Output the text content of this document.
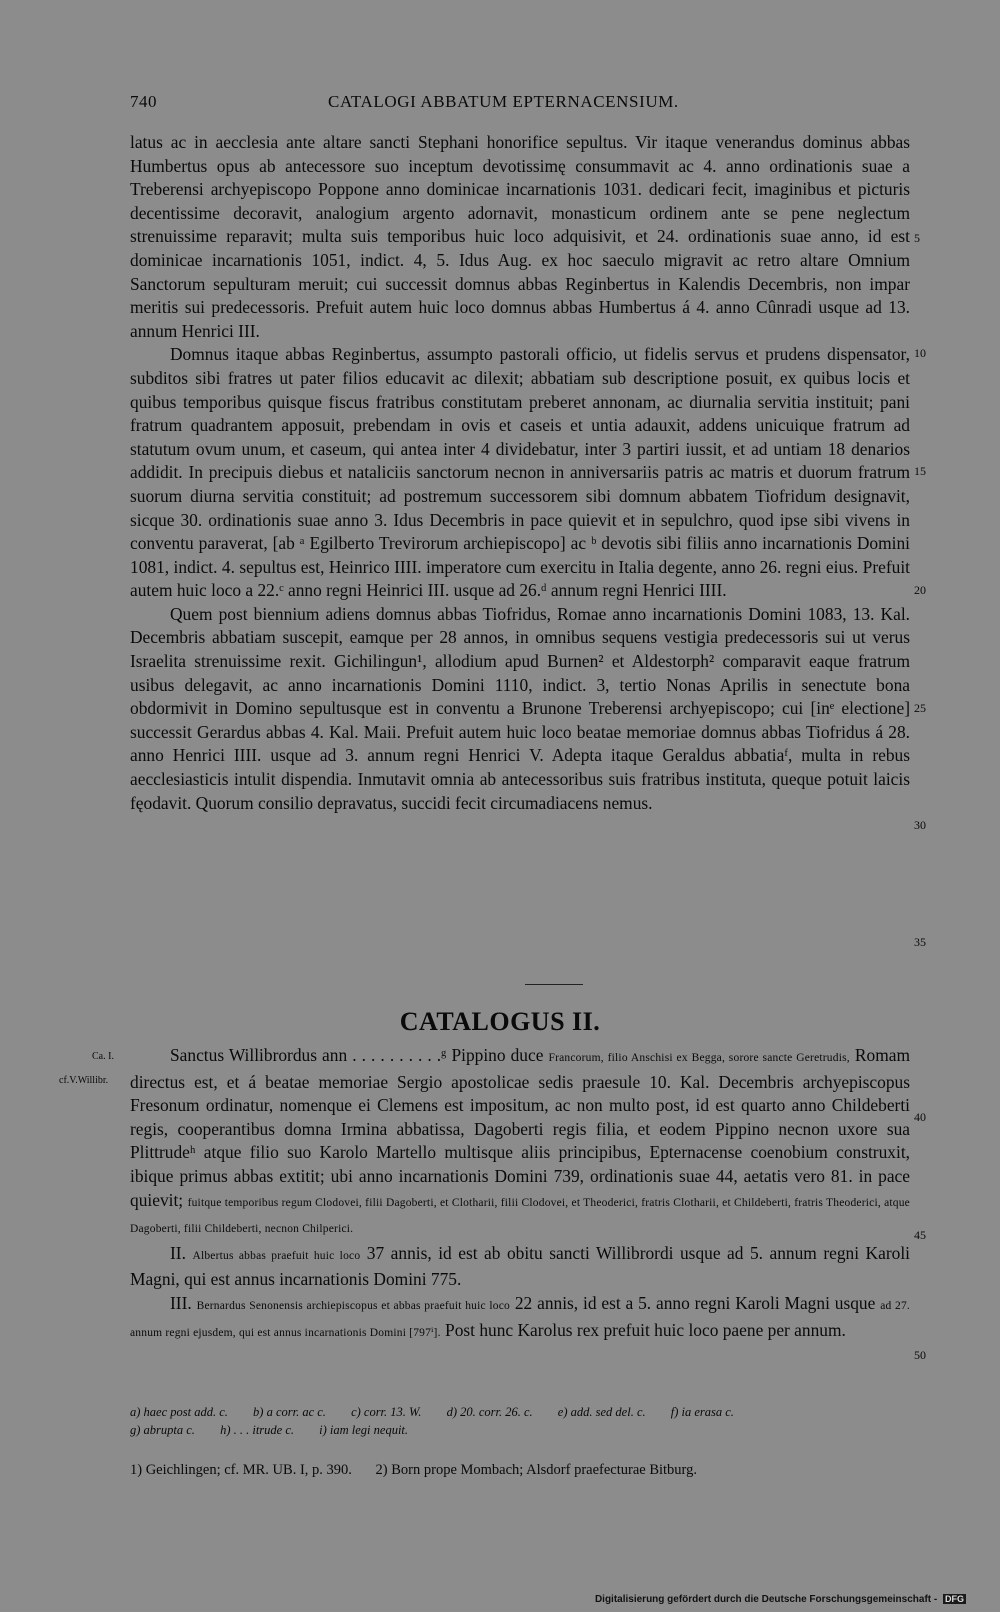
740	CATALOGI ABBATUM EPTERNACENSIUM.

latus ac in aecclesia ante altare sancti Stephani honorifice sepultus. Vir itaque venerandus dominus abbas Humbertus opus ab antecessore suo inceptum devotissimę consummavit ac 4. anno ordinationis suae a Treberensi archyepiscopo Poppone anno dominicae incarnationis 1031. dedicari fecit, imaginibus et picturis decentissime decoravit, analogium argento adornavit, monasticum ordinem ante se pene neglectum strenuissime reparavit; multa suis temporibus huic loco adquisivit, et 24. ordinationis suae anno, id est dominicae incarnationis 1051, indict. 4, 5. Idus Aug. ex hoc saeculo migravit ac retro altare Omnium Sanctorum sepulturam meruit; cui successit domnus abbas Reginbertus in Kalendis Decembris, non impar meritis sui predecessoris. Prefuit autem huic loco domnus abbas Humbertus á 4. anno Cûnradi usque ad 13. annum Henrici III.

Domnus itaque abbas Reginbertus, assumpto pastorali officio, ut fidelis servus et prudens dispensator, subditos sibi fratres ut pater filios educavit ac dilexit; abbatiam sub descriptione posuit, ex quibus locis et quibus temporibus quisque fiscus fratribus constitutam preberet annonam, ac diurnalia servitia instituit; pani fratrum quadrantem apposuit, prebendam in ovis et caseis et untia adauxit, addens unicuique fratrum ad statutum ovum unum, et caseum, qui antea inter 4 dividebatur, inter 3 partiri iussit, et ad untiam 18 denarios addidit. In precipuis diebus et nataliciis sanctorum necnon in anniversariis patris ac matris et duorum fratrum suorum diurna servitia constituit; ad postremum successorem sibi domnum abbatem Tiofridum designavit, sicque 30. ordinationis suae anno 3. Idus Decembris in pace quievit et in sepulchro, quod ipse sibi vivens in conventu paraverat, [ab ᵃ Egilberto Trevirorum archiepiscopo] ac ᵇ devotis sibi filiis anno incarnationis Domini 1081, indict. 4. sepultus est, Heinrico IIII. imperatore cum exercitu in Italia degente, anno 26. regni eius. Prefuit autem huic loco a 22.ᶜ anno regni Heinrici III. usque ad 26.ᵈ annum regni Henrici IIII.

Quem post biennium adiens domnus abbas Tiofridus, Romae anno incarnationis Domini 1083, 13. Kal. Decembris abbatiam suscepit, eamque per 28 annos, in omnibus sequens vestigia predecessoris sui ut verus Israelita strenuissime rexit. Gichilingun¹, allodium apud Burnen² et Aldestorph² comparavit eaque fratrum usibus delegavit, ac anno incarnationis Domini 1110, indict. 3, tertio Nonas Aprilis in senectute bona obdormivit in Domino sepultusque est in conventu a Brunone Treberensi archyepiscopo; cui [inᵉ electione] successit Gerardus abbas 4. Kal. Maii. Prefuit autem huic loco beatae memoriae domnus abbas Tiofridus á 28. anno Henrici IIII. usque ad 3. annum regni Henrici V. Adepta itaque Geraldus abbatiaᶠ, multa in rebus aecclesiasticis intulit dispendia. Inmutavit omnia ab antecessoribus suis fratribus instituta, queque potuit laicis fęodavit. Quorum consilio depravatus, succidi fecit circumadiacens nemus.

5
10
15
20
25
30
35
40
45
50
CATALOGUS II.
Ca. I.
cf.V.Willibr.

Sanctus Willibrordus ann . . . . . . . . . .ᵍ Pippino duce Francorum, filio Anschisi ex Begga, sorore sancte Geretrudis, Romam directus est, et á beatae memoriae Sergio apostolicae sedis praesule 10. Kal. Decembris archyepiscopus Fresonum ordinatur, nomenque ei Clemens est impositum, ac non multo post, id est quarto anno Childeberti regis, cooperantibus domna Irmina abbatissa, Dagoberti regis filia, et eodem Pippino necnon uxore sua Plittrudeʰ atque filio suo Karolo Martello multisque aliis principibus, Epternacense coenobium construxit, ibique primus abbas extitit; ubi anno incarnationis Domini 739, ordinationis suae 44, aetatis vero 81. in pace quievit; fuitque temporibus regum Clodovei, filii Dagoberti, et Clotharii, filii Clodovei, et Theoderici, fratris Clotharii, et Childeberti, fratris Theoderici, atque Dagoberti, filii Childeberti, necnon Chilperici.

II. Albertus abbas praefuit huic loco 37 annis, id est ab obitu sancti Willibrordi usque ad 5. annum regni Karoli Magni, qui est annus incarnationis Domini 775.

III. Bernardus Senonensis archiepiscopus et abbas praefuit huic loco 22 annis, id est a 5. anno regni Karoli Magni usque ad 27. annum regni ejusdem, qui est annus incarnationis Domini [797ⁱ]. Post hunc Karolus rex prefuit huic loco paene per annum.

a) haec post add. c. b) a corr. ac c. c) corr. 13. W. d) 20. corr. 26. c. e) add. sed del. c. f) ia erasa c.
g) abrupta c. h) . . . itrude c. i) iam legi nequit.
1) Geichlingen; cf. MR. UB. I, p. 390. 2) Born prope Mombach; Alsdorf praefecturae Bitburg.
Digitalisierung gefördert durch die Deutsche Forschungsgemeinschaft - DFG
